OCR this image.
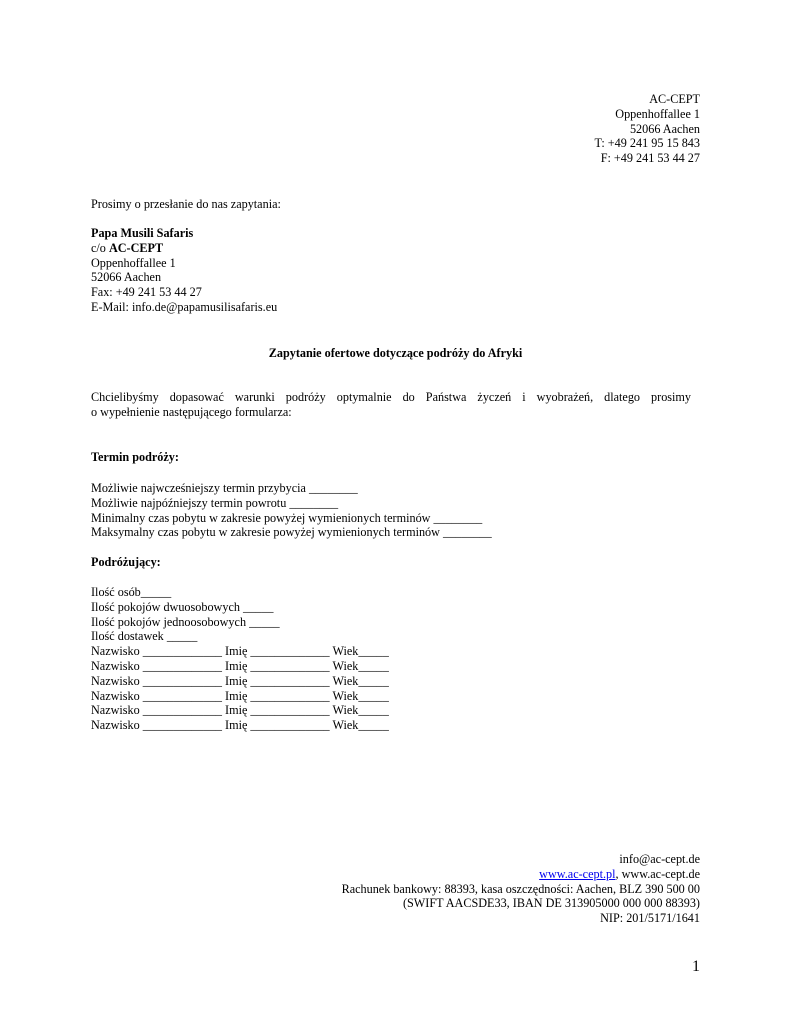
AC-CEPT
Oppenhoffallee 1
52066 Aachen
T: +49 241 95 15 843
F: +49 241 53 44 27
Prosimy o przesłanie do nas zapytania:
Papa Musili Safaris
c/o AC-CEPT
Oppenhoffallee 1
52066 Aachen
Fax: +49 241 53 44 27
E-Mail: info.de@papamusilisafaris.eu
Zapytanie ofertowe dotyczące podróży do Afryki
Chcielibyśmy dopasować warunki podróży optymalnie do Państwa życzeń i wyobrażeń, dlatego prosimy
o wypełnienie następującego formularza:
Termin podróży:
Możliwie najwcześniejszy termin przybycia ________
Możliwie najpóźniejszy termin powrotu ________
Minimalny czas pobytu w zakresie powyżej wymienionych terminów ________
Maksymalny czas pobytu w zakresie powyżej wymienionych terminów ________
Podróżujący:
Ilość osób_____
Ilość pokojów dwuosobowych _____
Ilość pokojów jednoosobowych _____
Ilość dostawek _____
Nazwisko _____________ Imię _____________ Wiek_____
Nazwisko _____________ Imię _____________ Wiek_____
Nazwisko _____________ Imię _____________ Wiek_____
Nazwisko _____________ Imię _____________ Wiek_____
Nazwisko _____________ Imię _____________ Wiek_____
Nazwisko _____________ Imię _____________ Wiek_____
info@ac-cept.de
www.ac-cept.pl, www.ac-cept.de
Rachunek bankowy: 88393, kasa oszczędności: Aachen, BLZ 390 500 00
(SWIFT AACSDE33, IBAN DE 313905000 000 000 88393)
NIP: 201/5171/1641
1
